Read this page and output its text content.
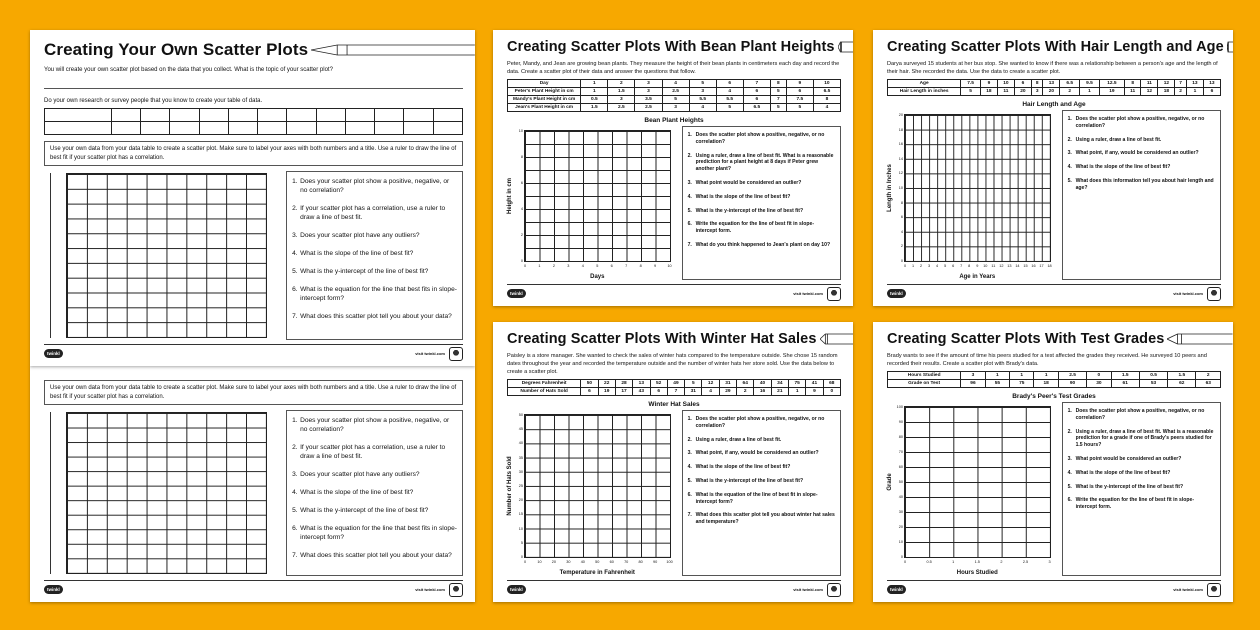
Use your own data from your data table to create a scatter plot. Make sure to label your axes with both numbers and a title. Use a ruler to draw the line of best fit if your scatter plot has a correlation.
1. Does your scatter plot show a positive, negative, or no correlation?
2. If your scatter plot has a correlation, use a ruler to draw a line of best fit.
3. Does your scatter plot have any outliers?
4. What is the slope of the line of best fit?
5. What is the y-intercept of the line of best fit?
6. What is the equation for the line that best fits in slope-intercept form?
7. What does this scatter plot tell you about your data?
twinkl	visit twinkl.com
Creating Your Own Scatter Plots
You will create your own scatter plot based on the data that you collect. What is the topic of your scatter plot?
Do your own research or survey people that you know to create your table of data.

Use your own data from your data table to create a scatter plot. Make sure to label your axes with both numbers and a title. Use a ruler to draw the line of best fit if your scatter plot has a correlation.
1. Does your scatter plot show a positive, negative, or no correlation?
2. If your scatter plot has a correlation, use a ruler to draw a line of best fit.
3. Does your scatter plot have any outliers?
4. What is the slope of the line of best fit?
5. What is the y-intercept of the line of best fit?
6. What is the equation for the line that best fits in slope-intercept form?
7. What does this scatter plot tell you about your data?
twinkl	visit twinkl.com
Creating Scatter Plots With Bean Plant Heights
Peter, Mandy, and Jean are growing bean plants. They measure the height of their bean plants in centimeters each day and record the data. Create a scatter plot of their data and answer the questions that follow.
Day	1	2	3	4	5	6	7	8	9	10
Peter's Plant Height in cm	1	1.5	3	2.5	3	4	6	5	6	6.5
Mandy's Plant Height in cm	0.5	3	3.5	5	5.5	5.5	6	7	7.5	8
Jean's Plant Height in cm	1.5	2.5	2.5	3	4	5	6.5	5	5	4
Bean Plant Heights
0
2
4
6
8
10
0	1	2	3	4	5	6	7	8	9	10
Days
Height in cm
1. Does the scatter plot show a positive, negative, or no correlation?
2. Using a ruler, draw a line of best fit. What is a reasonable prediction for a plant height at 8 days if Peter grew another plant?
3. What point would be considered an outlier?
4. What is the slope of the line of best fit?
5. What is the y-intercept of the line of best fit?
6. Write the equation for the line of best fit in slope-intercept form.
7. What do you think happened to Jean's plant on day 10?
twinkl	visit twinkl.com
Creating Scatter Plots With Hair Length and Age
Darya surveyed 15 students at her bus stop. She wanted to know if there was a relationship between a person's age and the length of their hair. She recorded the data. Use the data to create a scatter plot.
Age	7.5	9	10	6	8	13	6.5	9.5	12.5	8	11	12	7	13	13
Hair Length in inches	5	18	11	20	3	20	2	1	19	11	12	18	2	1	6
Hair Length and Age
0
2
4
6
8
10
12
14
16
18
20
0 1 2 3 4 5 6 7 8 9 10 11 12 13 14 15 16 17 18
Age in Years
Length in Inches
1. Does the scatter plot show a positive, negative, or no correlation?
2. Using a ruler, draw a line of best fit.
3. What point, if any, would be considered an outlier?
4. What is the slope of the line of best fit?
5. What does this information tell you about hair length and age?
twinkl	visit twinkl.com
Creating Scatter Plots With Winter Hat Sales
Paisley is a store manager. She wanted to check the sales of winter hats compared to the temperature outside. She chose 15 random dates throughout the year and recorded the temperature outside and the number of winter hats her store sold. Use the data below to create a scatter plot.
Degrees Fahrenheit	50	22	28	13	52	49	5	12	31	64	40	34	75	41	68
Number of Hats Sold	6	19	17	43	6	7	31	4	29	2	16	21	1	9	0
Winter Hat Sales
0
5
10
15
20
25
30
35
40
45
50
0	10	20	30	40	50	60	70	80	90 100
Temperature in Fahrenheit
Number of Hats Sold
1. Does the scatter plot show a positive, negative, or no correlation?
2. Using a ruler, draw a line of best fit.
3. What point, if any, would be considered an outlier?
4. What is the slope of the line of best fit?
5. What is the y-intercept of the line of best fit?
6. What is the equation of the line of best fit in slope-intercept form?
7. What does this scatter plot tell you about winter hat sales and temperature?
twinkl	visit twinkl.com
Creating Scatter Plots With Test Grades
Brady wants to see if the amount of time his peers studied for a test affected the grades they received. He surveyed 10 peers and recorded their results. Create a scatter plot with Brady's data.
Hours Studied	3	1	1	1	2.5	0	1.5	0.5	1.5	2
Grade on Test	96	55	75	18	90	30	61	53	62	63
Brady's Peer's Test Grades
0
10
20
30
40
50
60
70
80
90
100
0	0.5	1	1.5	2	2.5	3
Hours Studied
Grade
1. Does the scatter plot show a positive, negative, or no correlation?
2. Using a ruler, draw a line of best fit. What is a reasonable prediction for a grade if one of Brady's peers studied for 1.5 hours?
3. What point would be considered an outlier?
4. What is the slope of the line of best fit?
5. What is the y-intercept of the line of best fit?
6. Write the equation for the line of best fit in slope-intercept form.
twinkl	visit twinkl.com
